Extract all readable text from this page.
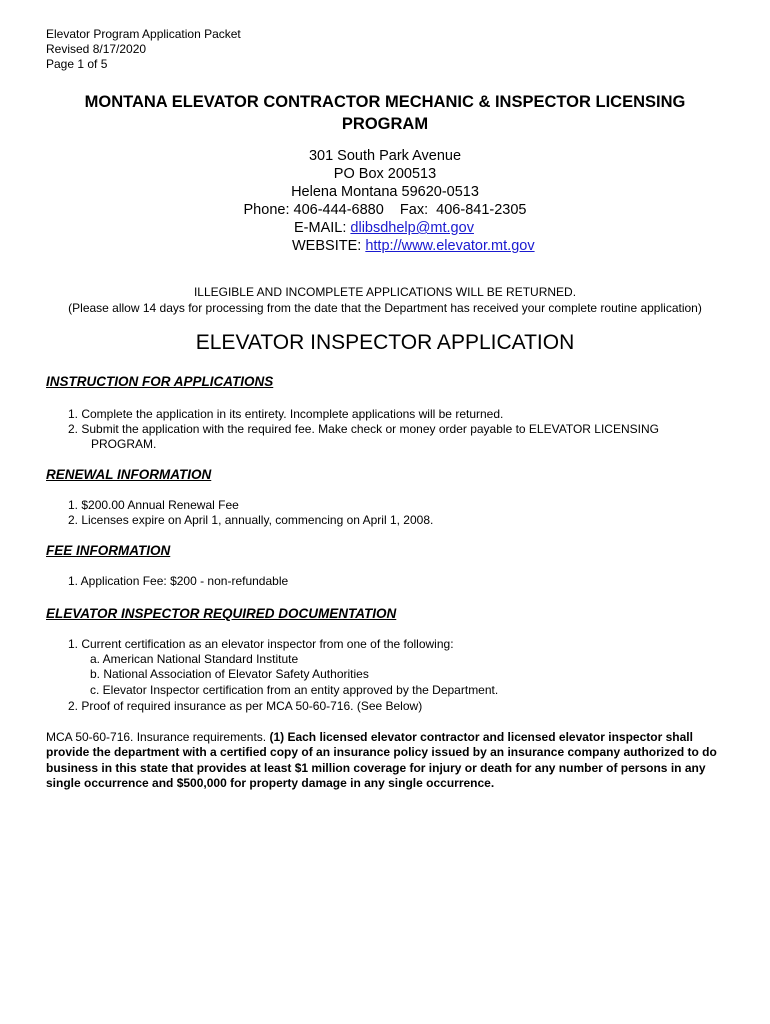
Elevator Program Application Packet
Revised 8/17/2020
Page 1 of 5
MONTANA ELEVATOR CONTRACTOR MECHANIC & INSPECTOR LICENSING
PROGRAM
301 South Park Avenue
PO Box 200513
Helena Montana 59620-0513
Phone: 406-444-6880    Fax:  406-841-2305
E-MAIL: dlibsdhelp@mt.gov
WEBSITE: http://www.elevator.mt.gov
ILLEGIBLE AND INCOMPLETE APPLICATIONS WILL BE RETURNED.
(Please allow 14 days for processing from the date that the Department has received your complete routine application)
ELEVATOR INSPECTOR APPLICATION
INSTRUCTION FOR APPLICATIONS
1. Complete the application in its entirety. Incomplete applications will be returned.
2. Submit the application with the required fee. Make check or money order payable to ELEVATOR LICENSING
PROGRAM.
RENEWAL INFORMATION
1. $200.00 Annual Renewal Fee
2. Licenses expire on April 1, annually, commencing on April 1, 2008.
FEE INFORMATION
1. Application Fee: $200 - non-refundable
ELEVATOR INSPECTOR REQUIRED DOCUMENTATION
1. Current certification as an elevator inspector from one of the following:
a. American National Standard Institute
b. National Association of Elevator Safety Authorities
c. Elevator Inspector certification from an entity approved by the Department.
2. Proof of required insurance as per MCA 50-60-716. (See Below)
MCA 50-60-716. Insurance requirements. (1) Each licensed elevator contractor and licensed elevator inspector shall provide the department with a certified copy of an insurance policy issued by an insurance company authorized to do business in this state that provides at least $1 million coverage for injury or death for any number of persons in any single occurrence and $500,000 for property damage in any single occurrence.
